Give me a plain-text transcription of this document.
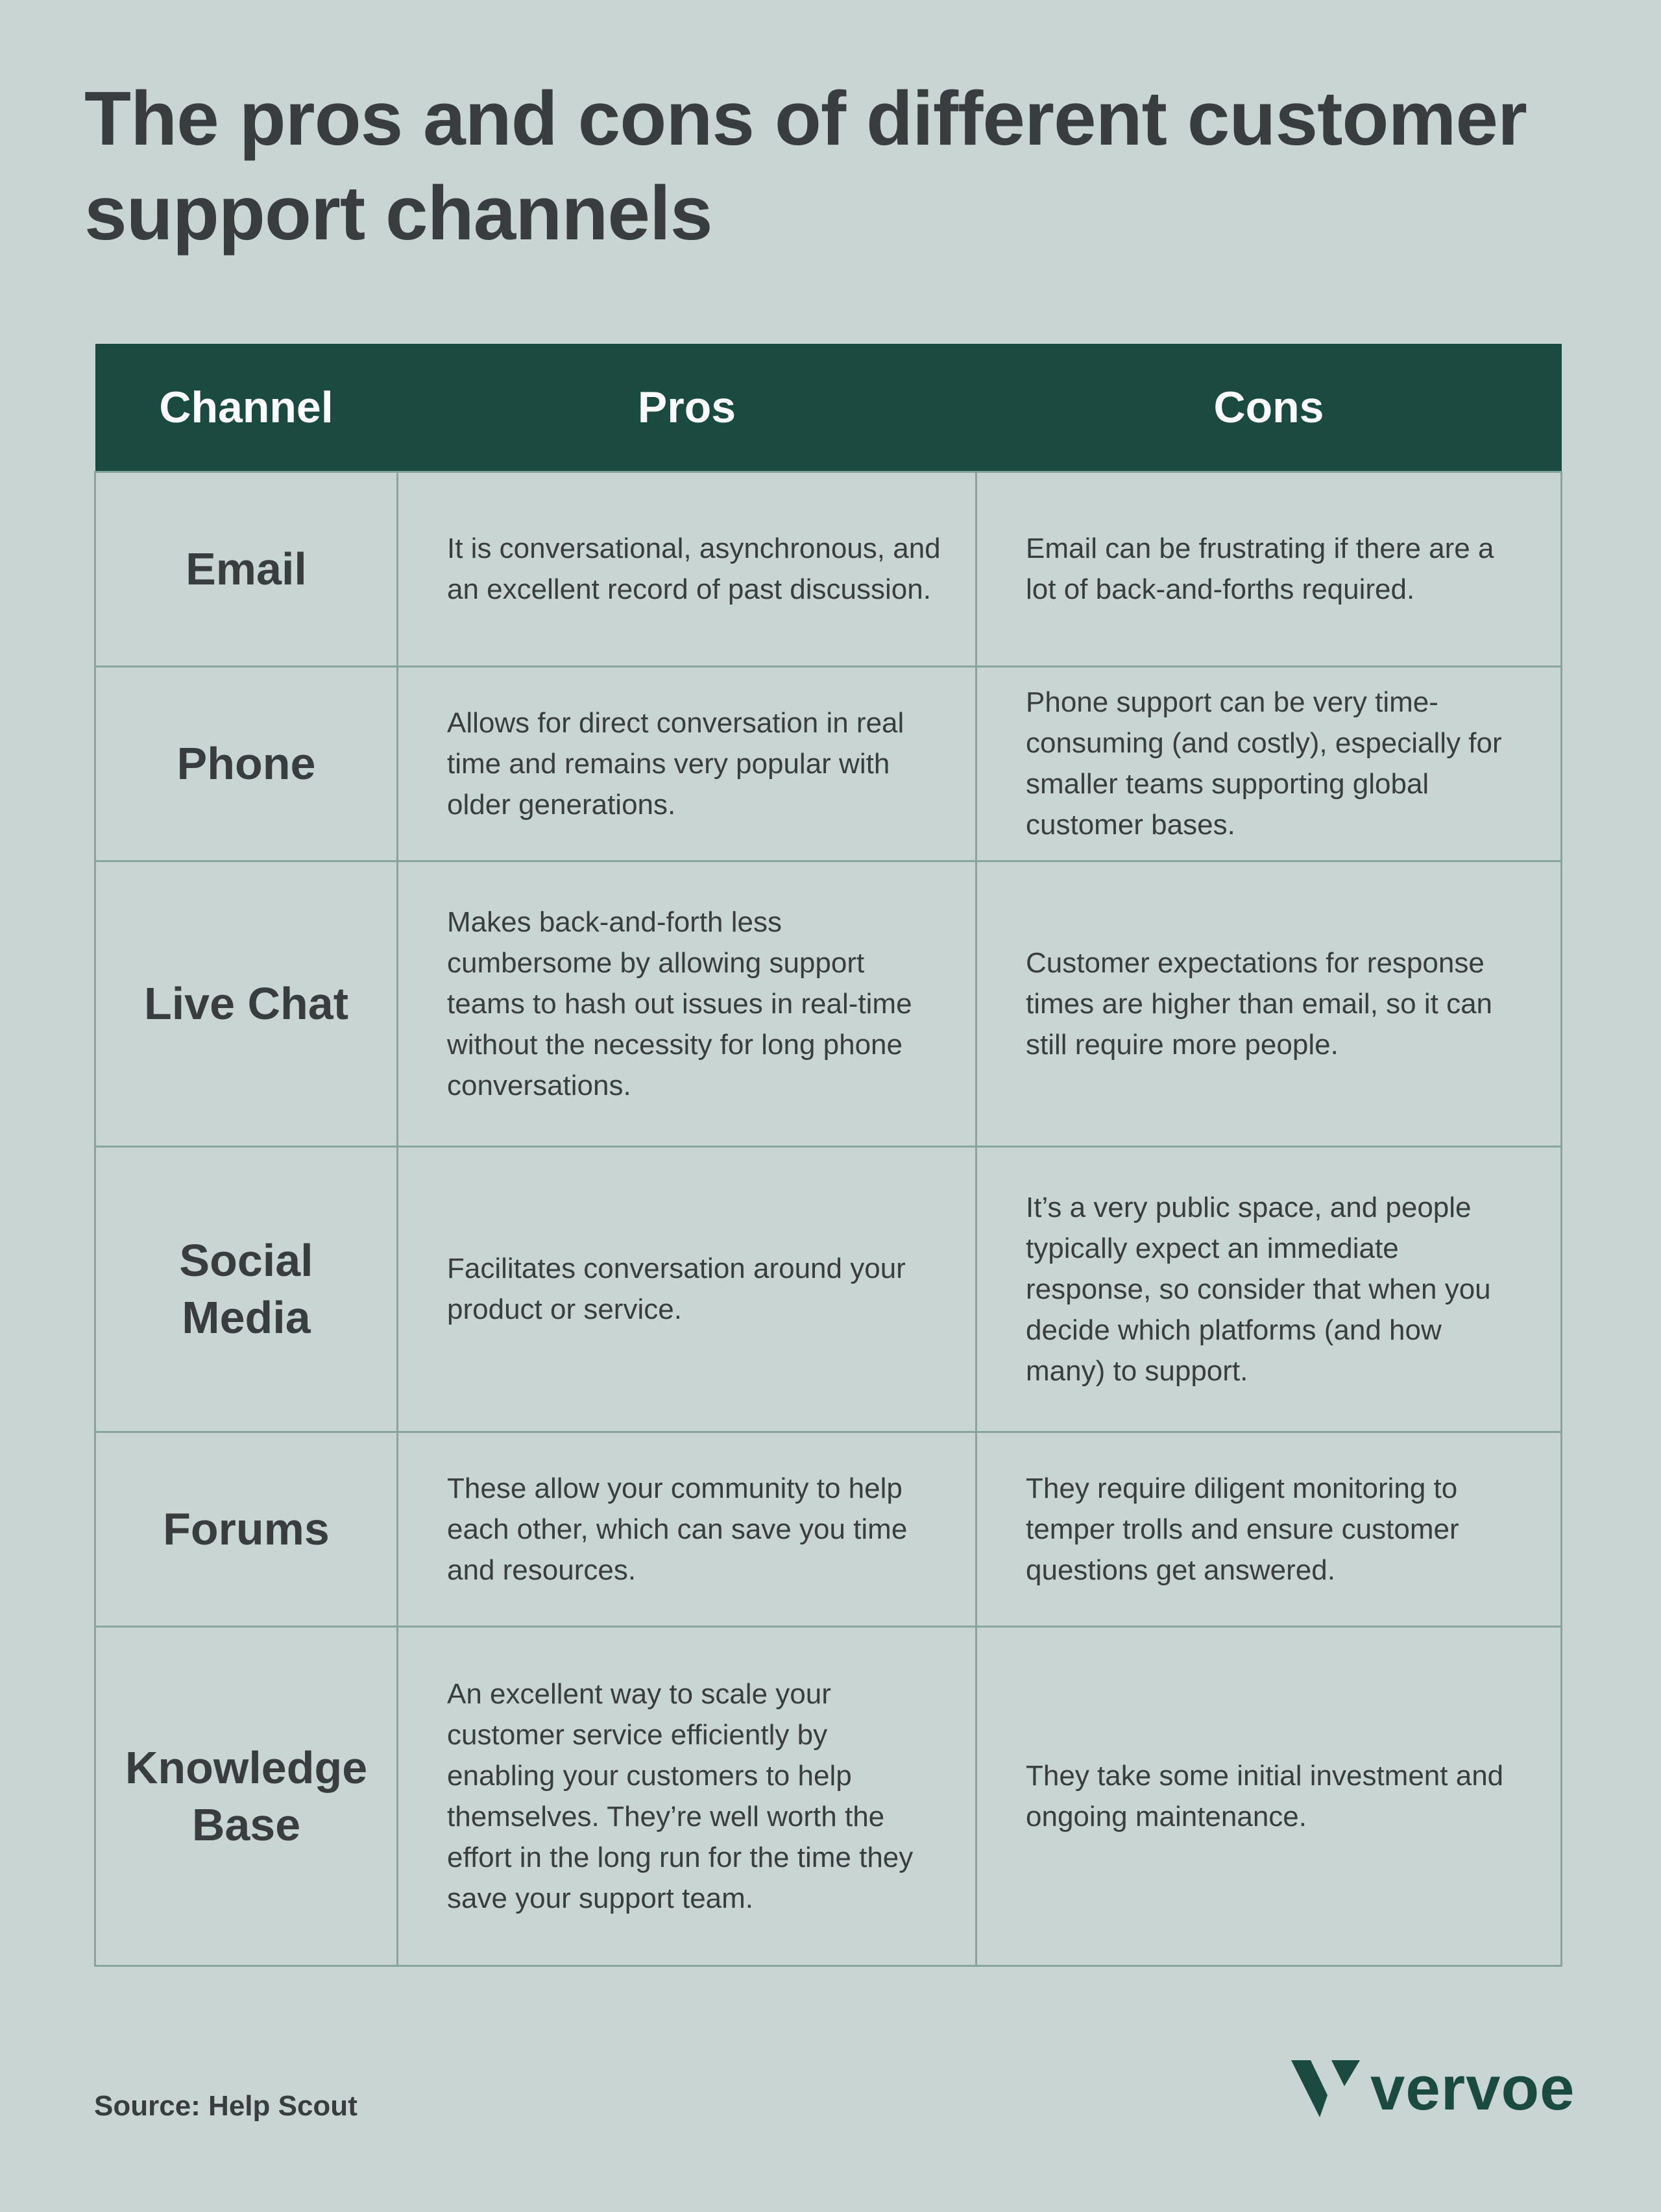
The pros and cons of different customer support channels
Channel	Pros	Cons
Email	It is conversational, asynchronous, and an excellent record of past discussion.	Email can be frustrating if there are a lot of back-and-forths required.
Phone	Allows for direct conversation in real time and remains very popular with older generations.	Phone support can be very time-consuming (and costly), especially for smaller teams supporting global customer bases.
Live Chat	Makes back-and-forth less cumbersome by allowing support teams to hash out issues in real-time without the necessity for long phone conversations.	Customer expectations for response times are higher than email, so it can still require more people.
Social Media	Facilitates conversation around your product or service.	It’s a very public space, and people typically expect an immediate response, so consider that when you decide which platforms (and how many) to support.
Forums	These allow your community to help each other, which can save you time and resources.	They require diligent monitoring to temper trolls and ensure customer questions get answered.
Knowledge Base	An excellent way to scale your customer service efficiently by enabling your customers to help themselves. They’re well worth the effort in the long run for the time they save your support team.	They take some initial investment and ongoing maintenance.
Source: Help Scout	vervoe
